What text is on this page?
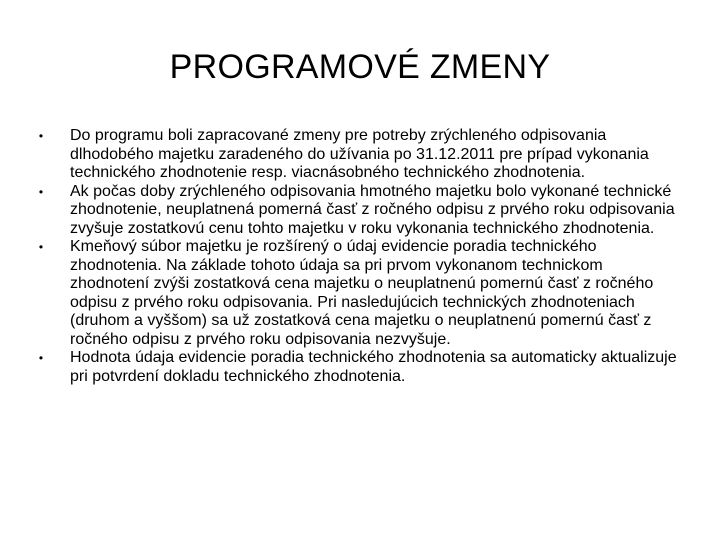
PROGRAMOVÉ ZMENY
• Do programu boli zapracované zmeny pre potreby zrýchleného odpisovania dlhodobého majetku zaradeného do užívania po 31.12.2011 pre prípad vykonania technického zhodnotenie resp. viacnásobného technického zhodnotenia.
• Ak počas doby zrýchleného odpisovania hmotného majetku bolo vykonané technické zhodnotenie, neuplatnená pomerná časť z ročného odpisu z prvého roku odpisovania zvyšuje zostatkovú cenu tohto majetku v roku vykonania technického zhodnotenia.
• Kmeňový súbor majetku je rozšírený o údaj evidencie poradia technického zhodnotenia. Na základe tohoto údaja sa pri prvom vykonanom technickom zhodnotení zvýši zostatková cena majetku o neuplatnenú pomernú časť z ročného odpisu z prvého roku odpisovania. Pri nasledujúcich technických zhodnoteniach (druhom a vyššom) sa už zostatková cena majetku o neuplatnenú pomernú časť z ročného odpisu z prvého roku odpisovania nezvyšuje.
• Hodnota údaja evidencie poradia technického zhodnotenia sa automaticky aktualizuje pri potvrdení dokladu technického zhodnotenia.
